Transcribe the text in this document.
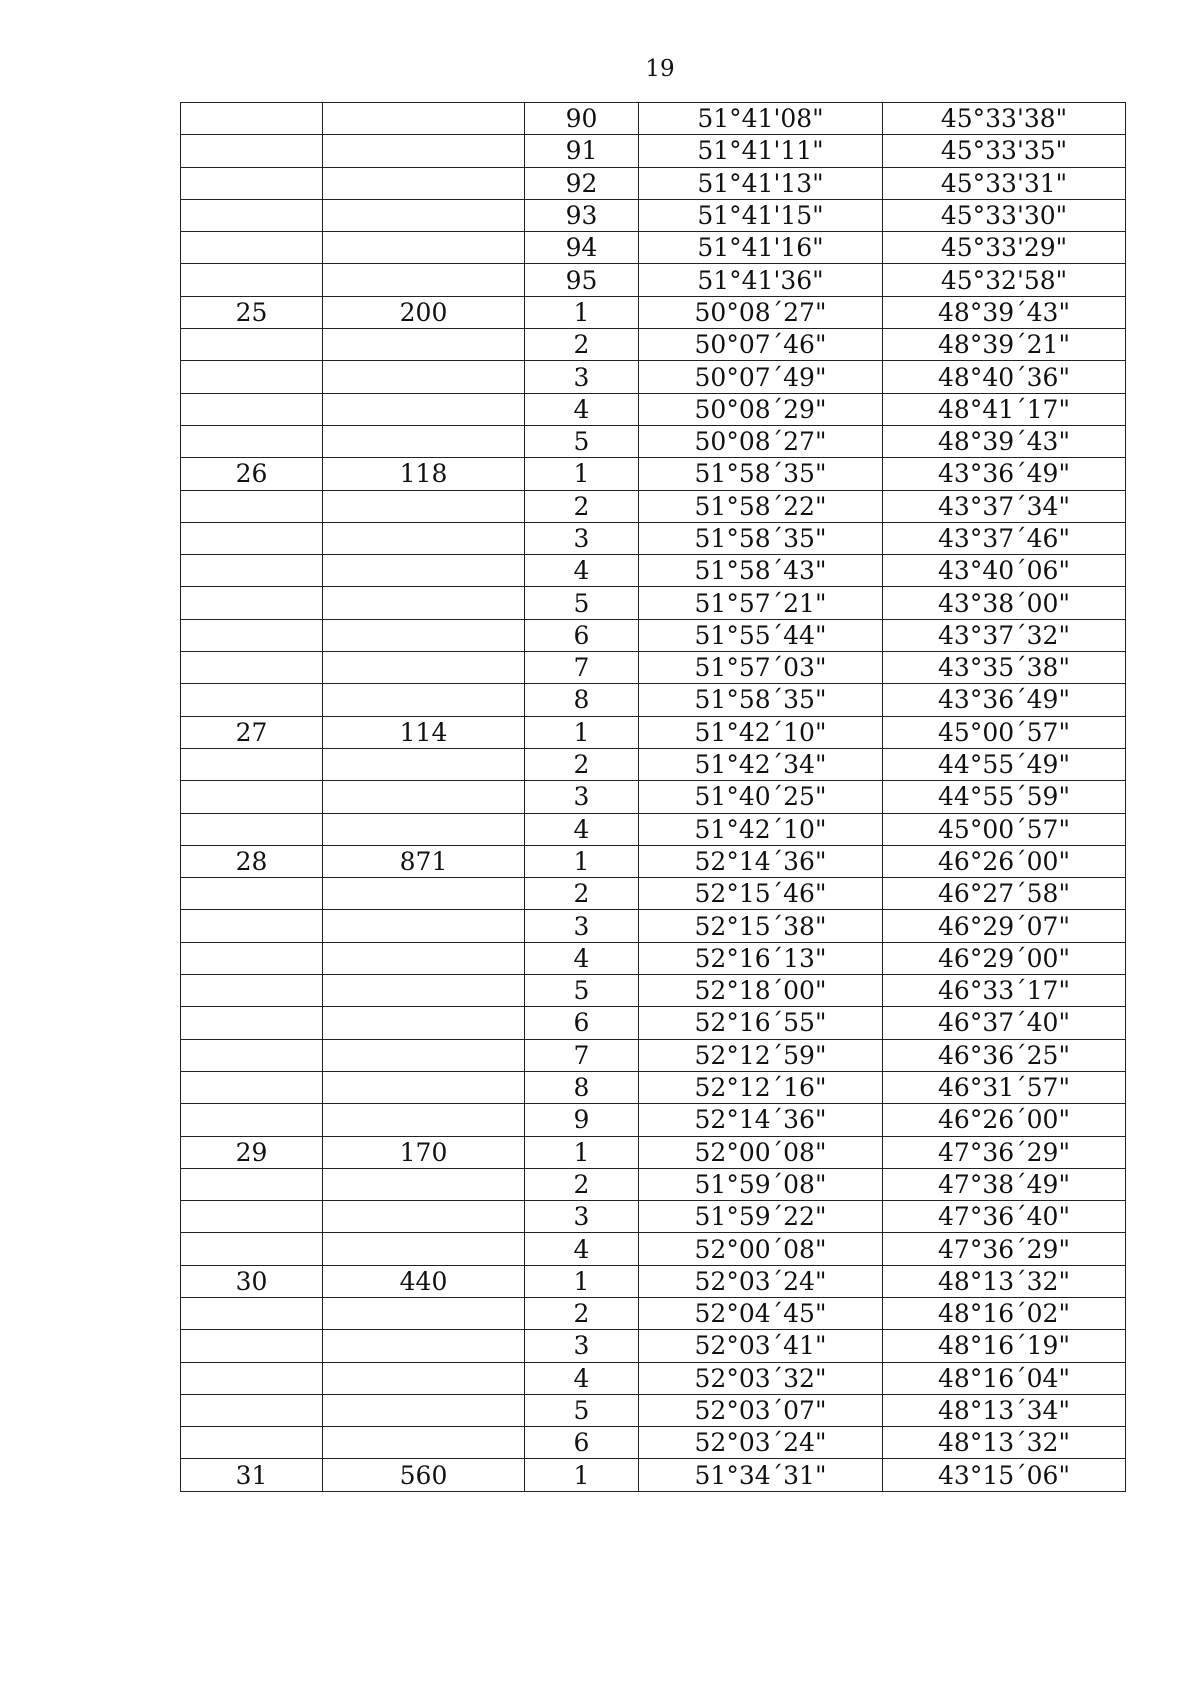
19
		90	51°41'08"	45°33'38"
		91	51°41'11"	45°33'35"
		92	51°41'13"	45°33'31"
		93	51°41'15"	45°33'30"
		94	51°41'16"	45°33'29"
		95	51°41'36"	45°32'58"
25	200	1	50°08´27"	48°39´43"
		2	50°07´46"	48°39´21"
		3	50°07´49"	48°40´36"
		4	50°08´29"	48°41´17"
		5	50°08´27"	48°39´43"
26	118	1	51°58´35"	43°36´49"
		2	51°58´22"	43°37´34"
		3	51°58´35"	43°37´46"
		4	51°58´43"	43°40´06"
		5	51°57´21"	43°38´00"
		6	51°55´44"	43°37´32"
		7	51°57´03"	43°35´38"
		8	51°58´35"	43°36´49"
27	114	1	51°42´10"	45°00´57"
		2	51°42´34"	44°55´49"
		3	51°40´25"	44°55´59"
		4	51°42´10"	45°00´57"
28	871	1	52°14´36"	46°26´00"
		2	52°15´46"	46°27´58"
		3	52°15´38"	46°29´07"
		4	52°16´13"	46°29´00"
		5	52°18´00"	46°33´17"
		6	52°16´55"	46°37´40"
		7	52°12´59"	46°36´25"
		8	52°12´16"	46°31´57"
		9	52°14´36"	46°26´00"
29	170	1	52°00´08"	47°36´29"
		2	51°59´08"	47°38´49"
		3	51°59´22"	47°36´40"
		4	52°00´08"	47°36´29"
30	440	1	52°03´24"	48°13´32"
		2	52°04´45"	48°16´02"
		3	52°03´41"	48°16´19"
		4	52°03´32"	48°16´04"
		5	52°03´07"	48°13´34"
		6	52°03´24"	48°13´32"
31	560	1	51°34´31"	43°15´06"
